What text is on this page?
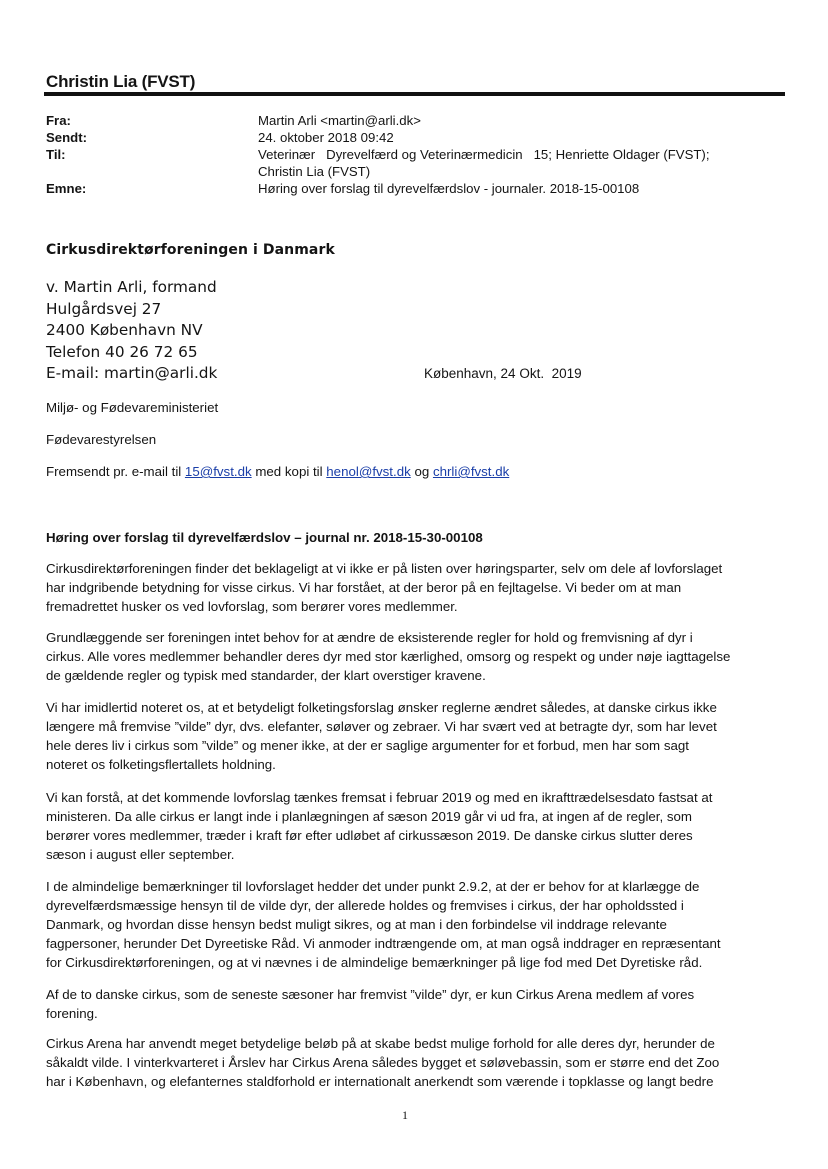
Christin Lia (FVST)
Fra:	Martin Arli <martin@arli.dk>
Sendt:	24. oktober 2018 09:42
Til:	Veterinær   Dyrevelfærd og Veterinærmedicin   15; Henriette Oldager (FVST);
Christin Lia (FVST)
Emne:	Høring over forslag til dyrevelfærdslov - journaler. 2018-15-00108
Cirkusdirektørforeningen i Danmark
v. Martin Arli, formand
Hulgårdsvej 27
2400 København NV
Telefon 40 26 72 65
E-mail: martin@arli.dk	København, 24 Okt.  2019

Miljø- og Fødevareministeriet

Fødevarestyrelsen

Fremsendt pr. e-mail til 15@fvst.dk med kopi til henol@fvst.dk og chrli@fvst.dk

Høring over forslag til dyrevelfærdslov – journal nr. 2018-15-30-00108

Cirkusdirektørforeningen finder det beklageligt at vi ikke er på listen over høringsparter, selv om dele af lovforslaget
har indgribende betydning for visse cirkus. Vi har forstået, at der beror på en fejltagelse. Vi beder om at man
fremadrettet husker os ved lovforslag, som berører vores medlemmer.
Grundlæggende ser foreningen intet behov for at ændre de eksisterende regler for hold og fremvisning af dyr i
cirkus. Alle vores medlemmer behandler deres dyr med stor kærlighed, omsorg og respekt og under nøje iagttagelse
de gældende regler og typisk med standarder, der klart overstiger kravene.
Vi har imidlertid noteret os, at et betydeligt folketingsforslag ønsker reglerne ændret således, at danske cirkus ikke
længere må fremvise ”vilde” dyr, dvs. elefanter, søløver og zebraer. Vi har svært ved at betragte dyr, som har levet
hele deres liv i cirkus som ”vilde” og mener ikke, at der er saglige argumenter for et forbud, men har som sagt
noteret os folketingsflertallets holdning.
Vi kan forstå, at det kommende lovforslag tænkes fremsat i februar 2019 og med en ikrafttrædelsesdato fastsat at
ministeren. Da alle cirkus er langt inde i planlægningen af sæson 2019 går vi ud fra, at ingen af de regler, som
berører vores medlemmer, træder i kraft før efter udløbet af cirkussæson 2019. De danske cirkus slutter deres
sæson i august eller september.
I de almindelige bemærkninger til lovforslaget hedder det under punkt 2.9.2, at der er behov for at klarlægge de
dyrevelfærdsmæssige hensyn til de vilde dyr, der allerede holdes og fremvises i cirkus, der har opholdssted i
Danmark, og hvordan disse hensyn bedst muligt sikres, og at man i den forbindelse vil inddrage relevante
fagpersoner, herunder Det Dyreetiske Råd. Vi anmoder indtrængende om, at man også inddrager en repræsentant
for Cirkusdirektørforeningen, og at vi nævnes i de almindelige bemærkninger på lige fod med Det Dyretiske råd.
Af de to danske cirkus, som de seneste sæsoner har fremvist ”vilde” dyr, er kun Cirkus Arena medlem af vores
forening.
Cirkus Arena har anvendt meget betydelige beløb på at skabe bedst mulige forhold for alle deres dyr, herunder de
såkaldt vilde. I vinterkvarteret i Årslev har Cirkus Arena således bygget et søløvebassin, som er større end det Zoo
har i København, og elefanternes staldforhold er internationalt anerkendt som værende i topklasse og langt bedre
1
